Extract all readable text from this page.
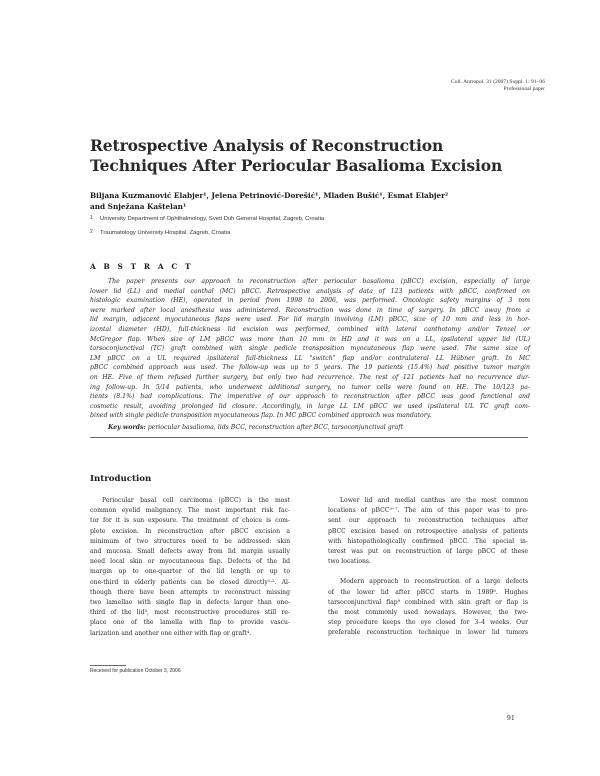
Coll. Antropol. 31 (2007) Suppl. 1: 91–96
Professional paper
Retrospective Analysis of Reconstruction
Techniques After Periocular Basalioma Excision
Biljana Kuzmanović Elabjer¹, Jelena Petrinović-Dorešić¹, Mladen Bušić¹, Esmat Elabjer²
and Snježana Kaštelan¹
1 University Department of Ophthalmology, Sveti Duh General Hospital, Zagreb, Croatia
2 Traumatology University Hospital, Zagreb, Croatia
A B S T R A C T
The paper presents our approach to reconstruction after periocular basalioma (pBCC) excision, especially of large
lower lid (LL) and medial canthal (MC) pBCC. Retrospective analysis of data of 123 patients with pBCC, confirmed on
histologic examination (HE), operated in period from 1998 to 2006, was performed. Oncologic safety margins of 3 mm
were marked after local anesthesia was administered. Reconstruction was done in time of surgery. In pBCC away from a
lid margin, adjacent myocutaneous flaps were used. For lid margin involving (LM) pBCC, size of 10 mm and less in hor-
izontal diameter (HD), full-thickness lid excision was performed, combined with lateral canthotomy and/or Tenzel or
McGregor flap. When size of LM pBCC was more than 10 mm in HD and it was on a LL, ipsilateral upper lid (UL)
tarsoconjunctival (TC) graft combined with single pedicle transposition myocutaneous flap were used. The same size of
LM pBCC on a UL required ipsilateral full-thickness LL "switch" flap and/or contralateral LL Hübner graft. In MC
pBCC combined approach was used. The follow-up was up to 5 years. The 19 patients (15.4%) had positive tumor margin
on HE. Five of them refused further surgery, but only two had recurrence. The rest of 121 patients had no recurrence dur-
ing follow-up. In 5/14 patients, who underwent additional surgery, no tumor cells were found on HE. The 10/123 pa-
tients (8.1%) had complications. The imperative of our approach to reconstruction after pBCC was good functional and
cosmetic result, avoiding prolonged lid closure. Accordingly, in large LL LM pBCC we used ipsilateral UL TC graft com-
bined with single pedicle transposition myocutaneous flap. In MC pBCC combined approach was mandatory.
Key words: periocular basalioma, lids BCC, reconstruction after BCC, tarsoconjunctival graft
Introduction
Periocular basal cell carcinoma (pBCC) is the most
common eyelid malignancy. The most important risk fac-
tor for it is sun exposure. The treatment of choice is com-
plete excision. In reconstruction after pBCC excision a
minimum of two structures need to be addressed: skin
and mucosa. Small defects away from lid margin usually
need local skin or myocutaneous flap. Defects of the lid
margin up to one-quarter of the lid length or up to
one-third in elderly patients can be closed directly¹·². Al-
though there have been attempts to reconstruct missing
two lamellae with single flap in defects larger than one-
third of the lid³, most reconstructive procedures still re-
place one of the lamella with flap to provide vascu-
larization and another one either with flap or graft⁴.
Lower lid and medial canthus are the most common
locations of pBCC⁵⁻⁷. The aim of this paper was to pre-
sent our approach to reconstruction techniques after
pBCC excision based on retrospective analysis of patients
with histopathologically confirmed pBCC. The special in-
terest was put on reconstruction of large pBCC of these
two locations.
Modern approach to reconstruction of a large defects
of the lower lid after pBCC starts in 1989⁸. Hughes
tarsoconjunctival flap⁹ combined with skin graft or flap is
the most commonly used nowadays. However, the two-
step procedure keeps the eye closed for 3–4 weeks. Our
preferable reconstruction technique in lower lid tumors
Received for publication October 3, 2006
91
